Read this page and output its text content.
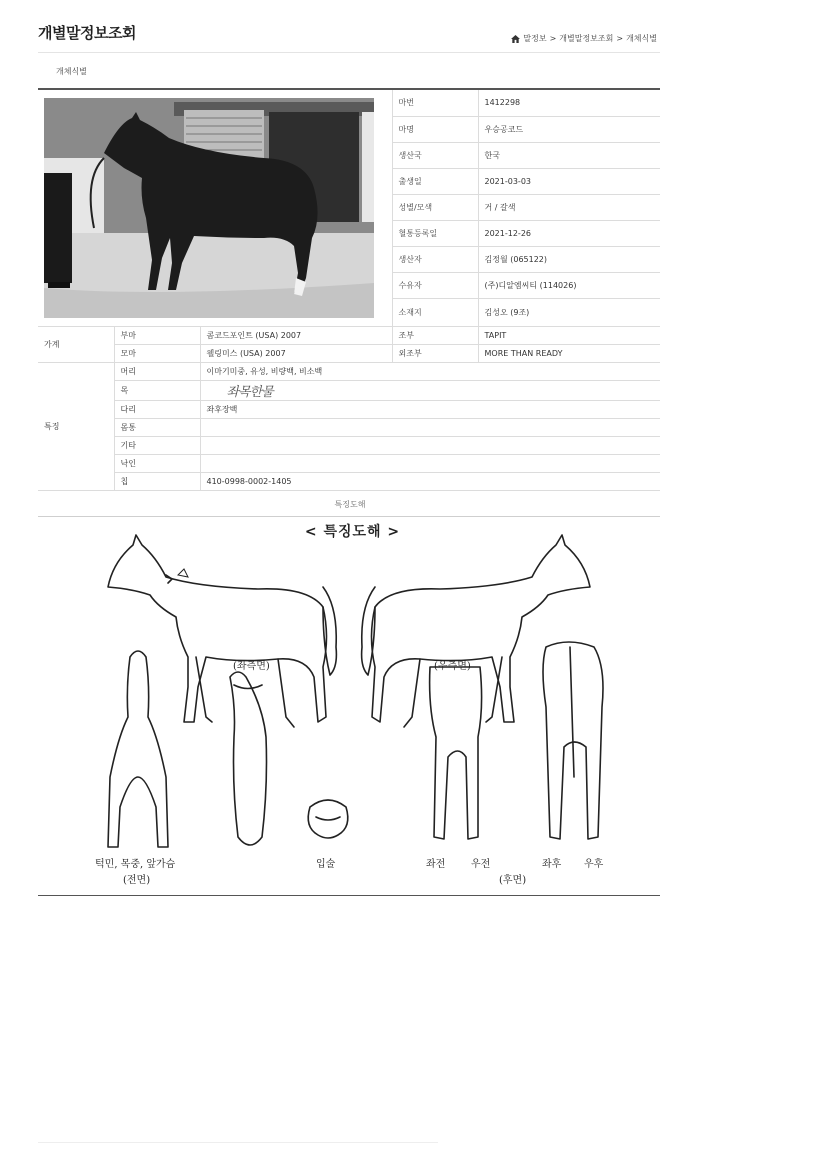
개별말정보조회	말정보 > 개별말정보조회 > 개체식별
개체식별
	마번	1412298
			마명	우승공코드
			생산국	한국
			출생일	2021-03-03
			성별/모색	거 / 갈색
			혈통등록일	2021-12-26
			생산자	김정월 (065122)
			수유자	(주)디알엠씨티 (114026)
			소재지	김성오 (9조)
가계	부마	콤코드포인트 (USA) 2007	조부	TAPIT
	모마	웰링미스 (USA) 2007	외조부	MORE THAN READY
특징	머리	이마기미중, 유성, 비량백, 비소백		
	목	좌목한물		
	다리	좌후장백		
	몸통			
	기타			
	낙인			
	칩	410-0998-0002-1405		
특징도해
< 특징도해 >
(좌측면)	(우측면)
턱민, 목중, 앞가슴
(전면)
입술	좌전	우전	좌후 우후
(후면)
